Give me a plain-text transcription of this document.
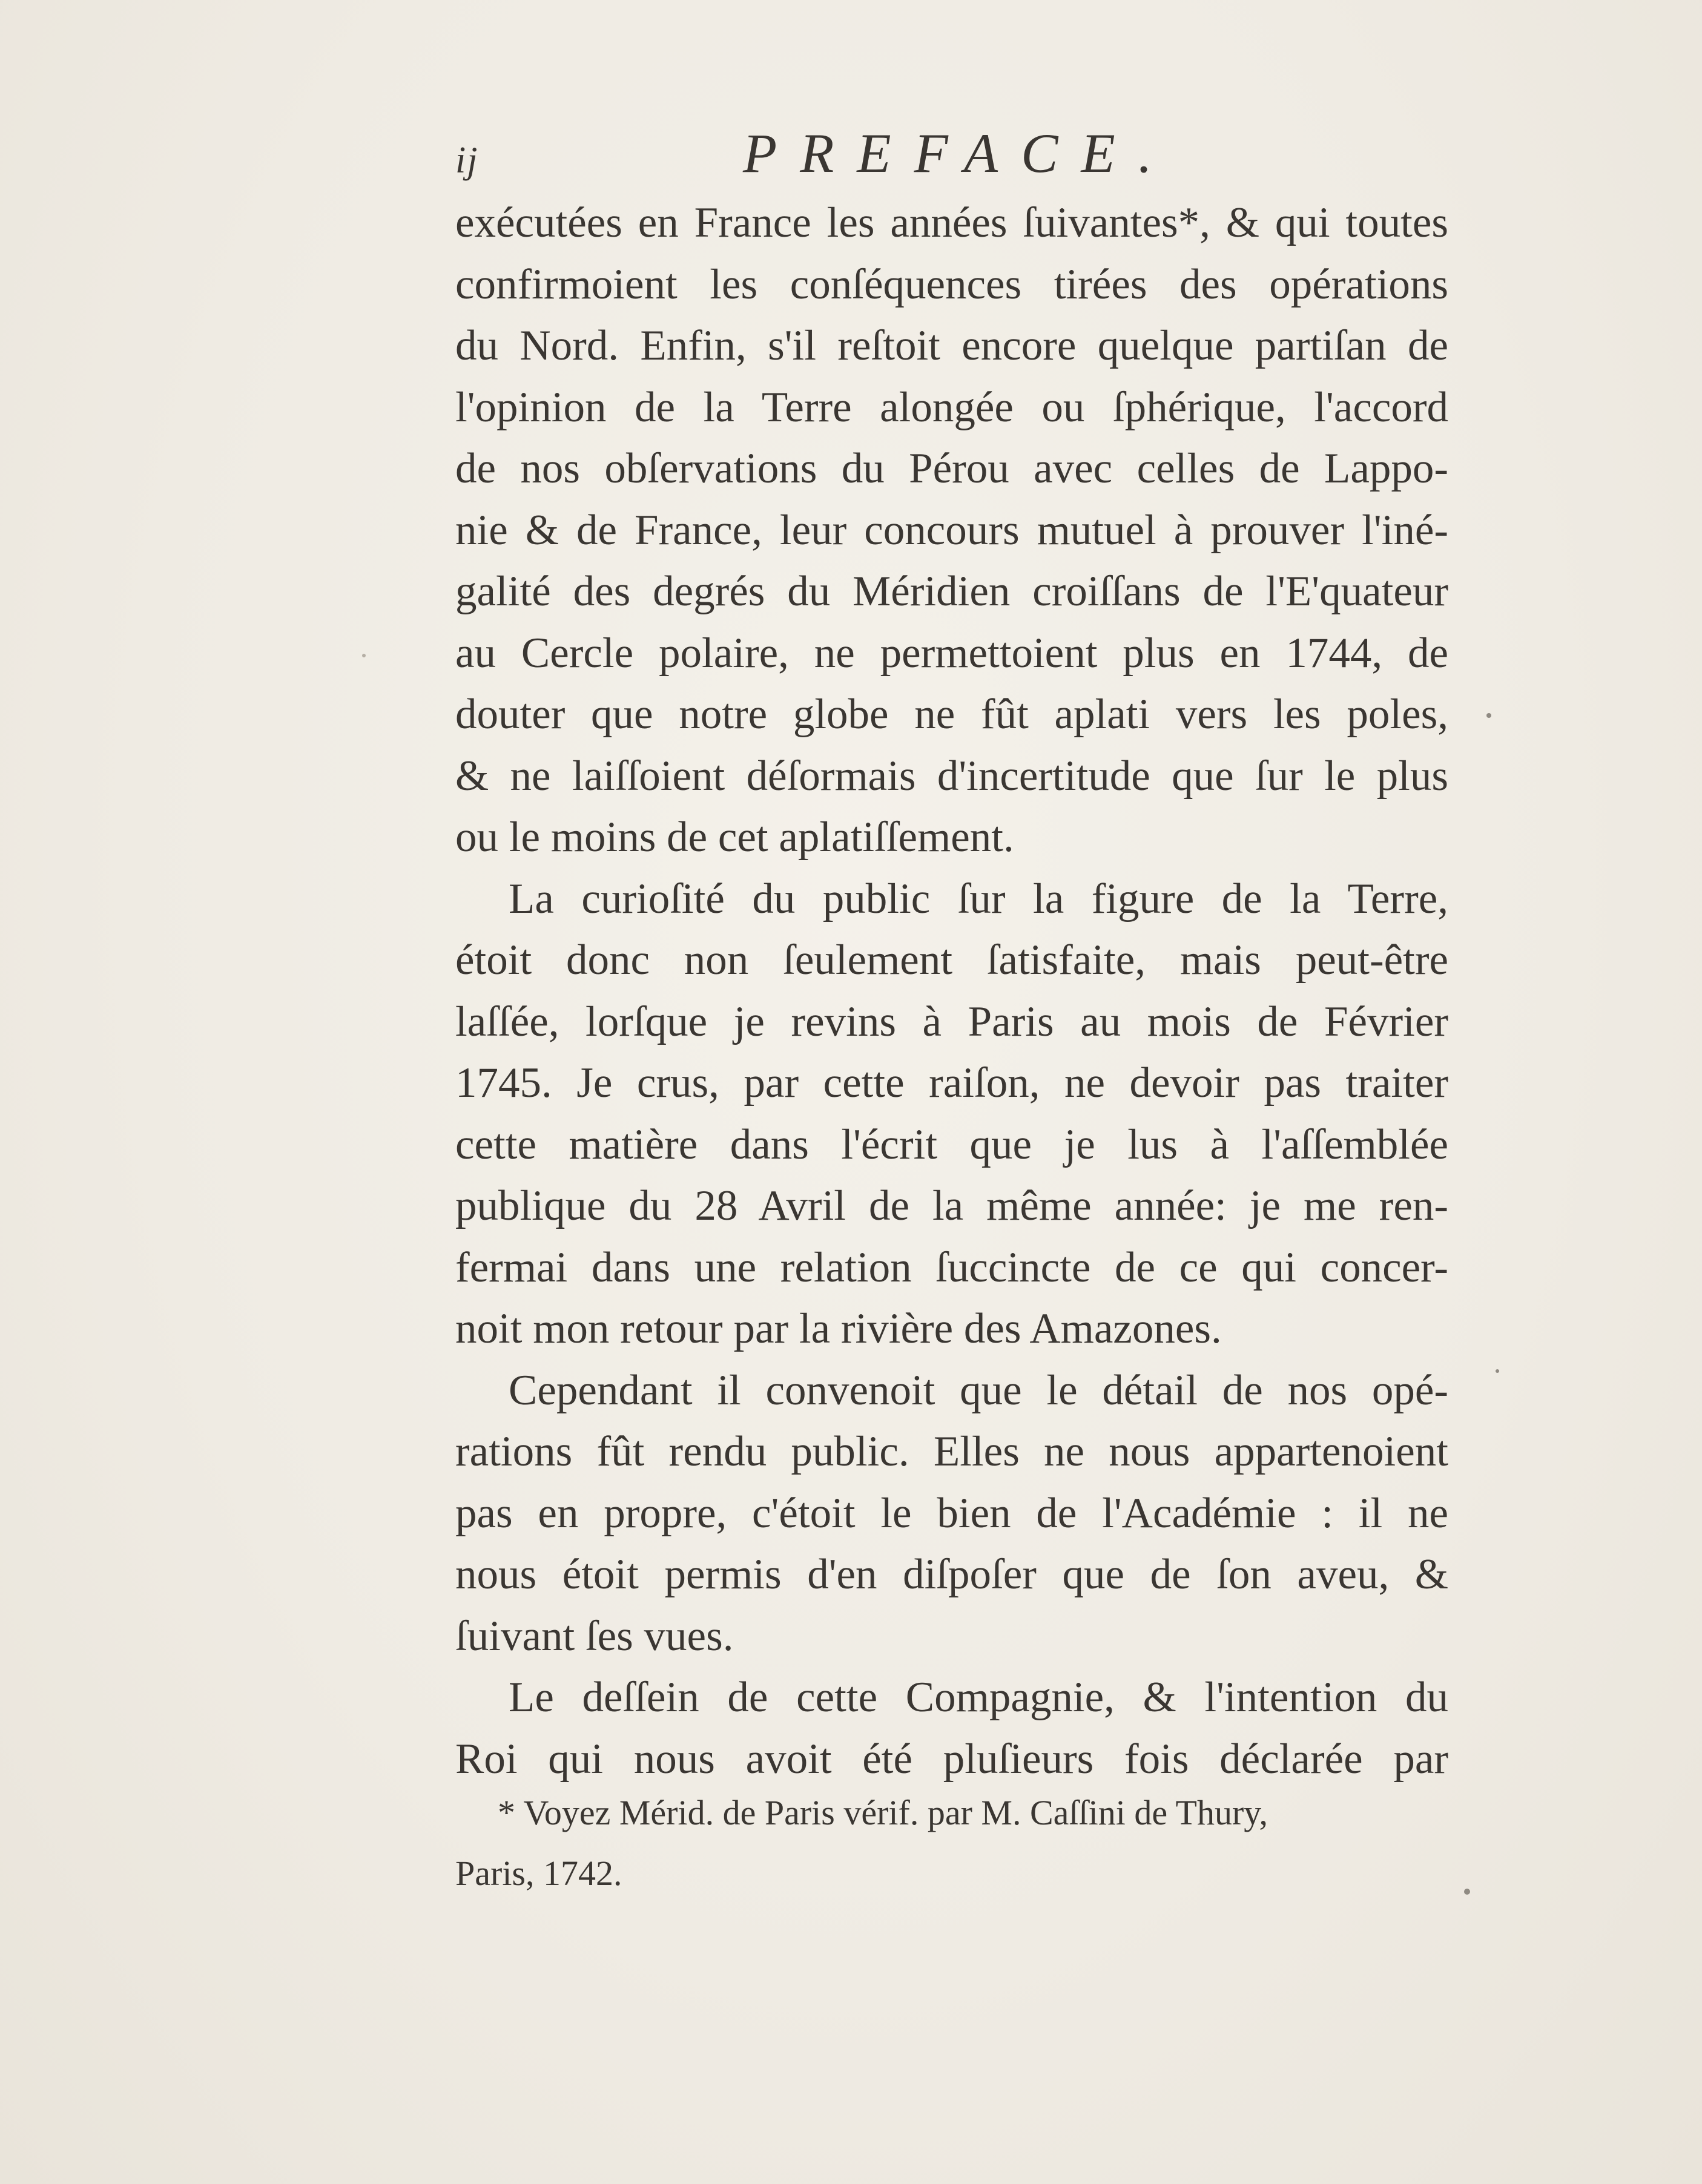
ij	PREFACE.
exécutées en France les années ſuivantes*, & qui toutes
confirmoient les conſéquences tirées des opérations
du Nord. Enfin, s'il reſtoit encore quelque partiſan de
l'opinion de la Terre alongée ou ſphérique, l'accord
de nos obſervations du Pérou avec celles de Lappo-
nie & de France, leur concours mutuel à prouver l'iné-
galité des degrés du Méridien croiſſans de l'E'quateur
au Cercle polaire, ne permettoient plus en 1744, de
douter que notre globe ne fût aplati vers les poles,
& ne laiſſoient déſormais d'incertitude que ſur le plus
ou le moins de cet aplatiſſement.
La curioſité du public ſur la figure de la Terre,
étoit donc non ſeulement ſatisfaite, mais peut-être
laſſée, lorſque je revins à Paris au mois de Février
1745. Je crus, par cette raiſon, ne devoir pas traiter
cette matière dans l'écrit que je lus à l'aſſemblée
publique du 28 Avril de la même année: je me ren-
fermai dans une relation ſuccincte de ce qui concer-
noit mon retour par la rivière des Amazones.
Cependant il convenoit que le détail de nos opé-
rations fût rendu public. Elles ne nous appartenoient
pas en propre, c'étoit le bien de l'Académie : il ne
nous étoit permis d'en diſpoſer que de ſon aveu, &
ſuivant ſes vues.
Le deſſein de cette Compagnie, & l'intention du
Roi qui nous avoit été pluſieurs fois déclarée par
* Voyez Mérid. de Paris vérif. par M. Caſſini de Thury,
Paris, 1742.
